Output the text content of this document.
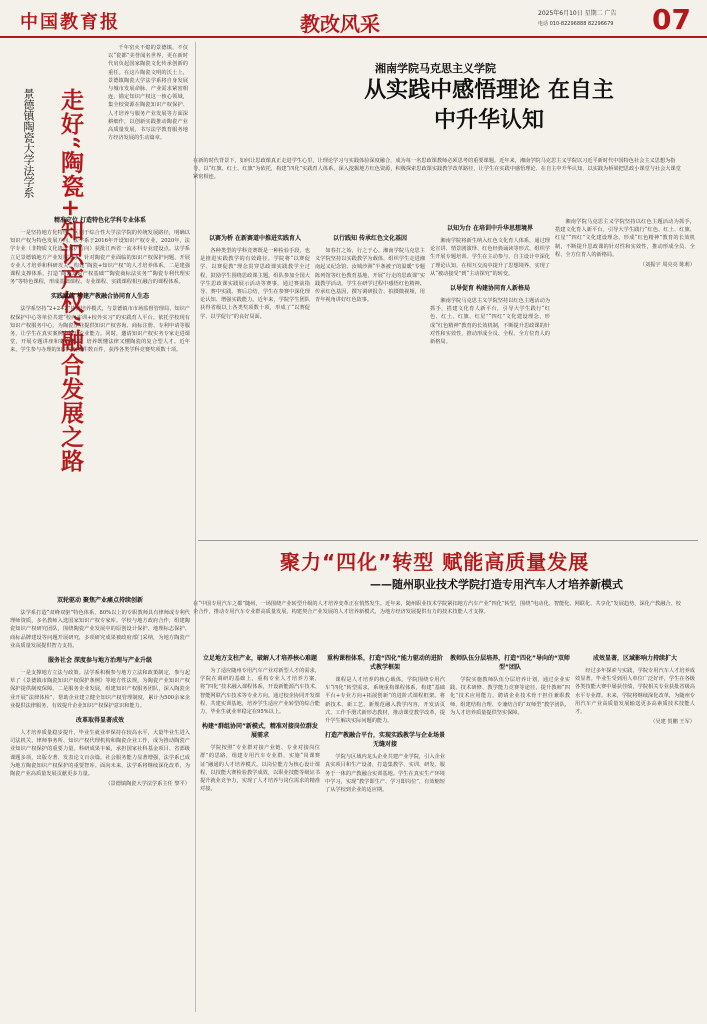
中国教育报	教改风采	2025年6月10日 星期二 广告
电话 010-82296888 82296679 07
走好“陶瓷+知识产权”融合发展之路
景德镇陶瓷大学法学系

千年窑火不熄的景德镇，不仅以“瓷都”美誉闻名世界，更在新时代肩负起国家陶瓷文化传承创新的重任。在这片陶瓷文明的沃土上，景德镇陶瓷大学法学系将自身发展与城市发展命脉、产业需求紧密相连，锚定知识产权这一核心领域，集全校资源在陶瓷知识产权保护、人才培养与服务产业发展等方面深耕细作，以创新实践推动陶瓷产业高质量发展，书写法学教育服务地方经济发展的生动篇章。

精准定位 打造特色化学科专业体系

一是坚持地方化特色。区别于综合性大学法学院的传统发展路径，明确以知识产权为特色发展方向。法学系于2016年开设知识产权专业，2020年，法学专业（非物质文化遗产保护方向）获批江西省一流本科专业建设点。法学系立足景德镇地方产业发展需求，针对陶瓷产业面临的知识产权保护问题，开展专业人才培养和科研攻关，构建“陶瓷+知识产权”的人才培养体系。二是建强课程支撑体系，打造“陶瓷知识产权基础”“陶瓷商标法实务”“陶瓷专利代理实务”等特色课程，形成基础课程、专业课程、实践课程相互融合的课程体系。

实践赋能 构建产教融合协同育人生态

法学系坚持“2+2+2”协同培养模式，与景德镇市市场监督管理局、知识产权保护中心等单位共建“校内实训+校外实习”的实践育人平台。依托学校现有知识产权服务中心，为陶瓷企业提供知识产权咨询、商标注册、专利申请等服务，让学生在真实案例中提升专业能力。同时，邀请知识产权实务专家走进课堂，开展专题讲座和案例教学，培养既懂法律又懂陶瓷的复合型人才。近年来，学生参与办理的知识产权案件数百件，获得各类学科竞赛奖项数十项。

双轮驱动 聚焦产业痛点持续创新

法学系打造“双峰双驱”特色体系，80%以上的专职教师具有律师或专利代理师资质，多名教师入选国家知识产权专家库。学校与地方政府合作，组建陶瓷知识产权研究团队，围绕陶瓷产业发展中的原创设计保护、地理标志保护、商标品牌建设等问题开展研究，多项研究成果被政府部门采纳，为地方陶瓷产业高质量发展提供智力支持。

服务社会 深度参与地方治理与产业升级

一是支撑地方立法与政策。法学系积极参与地方立法和政策制定，参与起草了《景德镇市陶瓷知识产权保护条例》等地方性法规，为陶瓷产业知识产权保护提供制度保障。二是服务企业发展，组建知识产权服务团队，深入陶瓷企业开展“法律体检”，帮助企业建立健全知识产权管理制度，累计为500余家企业提供法律服务，有效提升企业知识产权保护意识和能力。

改革取得显著成效

人才培养质量稳步提升，毕业生就业率保持在较高水平，大量毕业生进入司法机关、律师事务所、知识产权代理机构和陶瓷企业工作，成为推动陶瓷产业知识产权保护的重要力量。科研成果丰硕，承担国家社科基金项目、省部级课题多项，出版专著、发表论文百余篇。社会服务能力显著增强，法学系已成为地方陶瓷知识产权保护的重要智库。面向未来，法学系将继续深化改革，为陶瓷产业高质量发展贡献更多力量。

（景德镇陶瓷大学法学系主任 黎平）
湘南学院马克思主义学院
从实践中感悟理论 在自主中升华认知
在新的时代背景下，如何让思政课真正走进学生心里，让理论学习与实践体验深度融合，成为每一名思政课教师必须思考的重要课题。近年来，湘南学院马克思主义学院以习近平新时代中国特色社会主义思想为指导，以“红旗、红土、红旗”为依托，构建“四化”实践育人体系，深入挖掘地方红色资源，积极探索思政课实践教学改革路径，让学生在实践中感悟理论、在自主中升华认知，以实践为桥梁把思政小课堂与社会大课堂紧密相连。
以赛为桥 在新赛道中推进实践育人

各种类型的学科竞赛既是一种检验手段，也是推进实践教学的有效路径。学院将“以赛促学、以赛促教”理念贯穿思政课实践教学全过程，鼓励学生围绕思政课主题，组队参加全国大学生思政课实践展示活动等赛事。通过赛前指导、赛中实践、赛后总结，学生在参赛中深化理论认知、增强实践能力。近年来，学院学生团队获得省级以上各类奖项数十项，形成了“以赛促学、以学促行”的良好局面。

以行践知 传承红色文化基因

如春打之始，行之于心。湘南学院马克思主义学院坚持以实践教学为载体，组织学生走进湘南起义纪念馆、汝城沙洲“半条被子的温暖”专题陈列馆等红色教育基地，开展“行走的思政课”实践教学活动。学生在研学过程中感悟红色精神、传承红色基因，撰写调研报告、拍摄微视频，用青年视角讲好红色故事。

以知为台 在培训中升华思想境界

湘南学院将新生纳入红色文化育人体系，通过理论宣讲、情景剧演绎、红色经典诵读等形式，组织学生开展专题培训。学生在主动参与、自主设计中深化了理论认知，在相互交流中提升了思想境界，实现了从“被动接受”到“主动探究”的转变。

以导促育 构建协同育人新格局

湘南学院马克思主义学院坚持以红色主题活动为抓手，搭建文化育人新平台，引导大学生践行“红色、红土、红旗、红星”“四红”文化建设理念，形成“红色精神”教育的长效机制，不断提升思政课的针对性和实效性，推动形成全员、全程、全方位育人的新格局。

湘南学院马克思主义学院坚持以红色主题活动为抓手，搭建文化育人新平台，引导大学生践行“红色、红土、红旗、红星”“四红”文化建设理念，形成“红色精神”教育的长效机制，不断提升思政课的针对性和实效性，推动形成全员、全程、全方位育人的新格局。

（刘振宇 周亮亮 陈莉）
聚力“四化”转型 赋能高质量发展
——随州职业技术学院打造专用汽车人才培养新模式
在“中国专用汽车之都”随州，一场围绕产业转型升级的人才培养变革正在悄然发生。近年来，随州职业技术学院紧扣地方汽车产业“四化”转型，围绕“电动化、智能化、网联化、共享化”发展趋势，深化产教融合、校企合作，推动专用汽车专业群高质量发展，构建契合产业发展的人才培养新模式，为地方经济发展提供有力的技术技能人才支撑。
立足地方支柱产业，破解人才培养核心难题

为了适应随州专用汽车产业对新型人才的需求，学院在调研的基础上，重构专业人才培养方案，将“四化”技术融入课程体系，开设新能源汽车技术、智能网联汽车技术等专业方向。通过校企协同开发课程、共建实训基地，培养学生适应产业转型的综合能力，毕业生就业率稳定在95%以上。

构建“群组协同”新模式，精准对接岗位群发展需求

学院按照“专业群对接产业链、专业对接岗位群”的思路，组建专用汽车专业群，实施“岗课赛证”融通的人才培养模式。以岗位能力为核心设计课程，以技能大赛检验教学成效，以职业技能等级证书提升就业竞争力，实现了人才培养与岗位需求的精准对接。

重构课程体系，打造“四化”能力驱动的进阶式教学框架

课程是人才培养的核心载体。学院围绕专用汽车“四化”转型需求，系统重构课程体系，构建“基础平台+专业方向+拓展创新”的进阶式课程框架。将新技术、新工艺、新规范融入教学内容，开发活页式、工作手册式新形态教材，推动课堂教学改革，提升学生解决实际问题的能力。

打造产教融合平台，实现实践教学与企业场景无缝对接

学院与区域内龙头企业共建产业学院，引入企业真实项目和生产设备，打造集教学、实训、研发、服务于一体的产教融合实训基地。学生在真实生产环境中学习，实现“教学即生产、学习即岗位”，有效缩短了从学校到企业的适应期。

教师队伍分层培养，打造“四化”导向的“双师型”团队

学院实施教师队伍分层培养计划，通过企业实践、技术研修、教学能力竞赛等途径，提升教师“四化”技术应用能力。聘请企业技术骨干担任兼职教师，组建结构合理、专兼结合的“双师型”教学团队，为人才培养质量提供坚实保障。

成效显著，区域影响力持续扩大

经过多年探索与实践，学院专用汽车人才培养成效显著。毕业生受到用人单位广泛好评，学生在各级各类技能大赛中屡获佳绩，学院相关专业获批省级高水平专业群。未来，学院将继续深化改革，为随州专用汽车产业高质量发展输送更多高素质技术技能人才。

（吴建 贺鹏 王军）
